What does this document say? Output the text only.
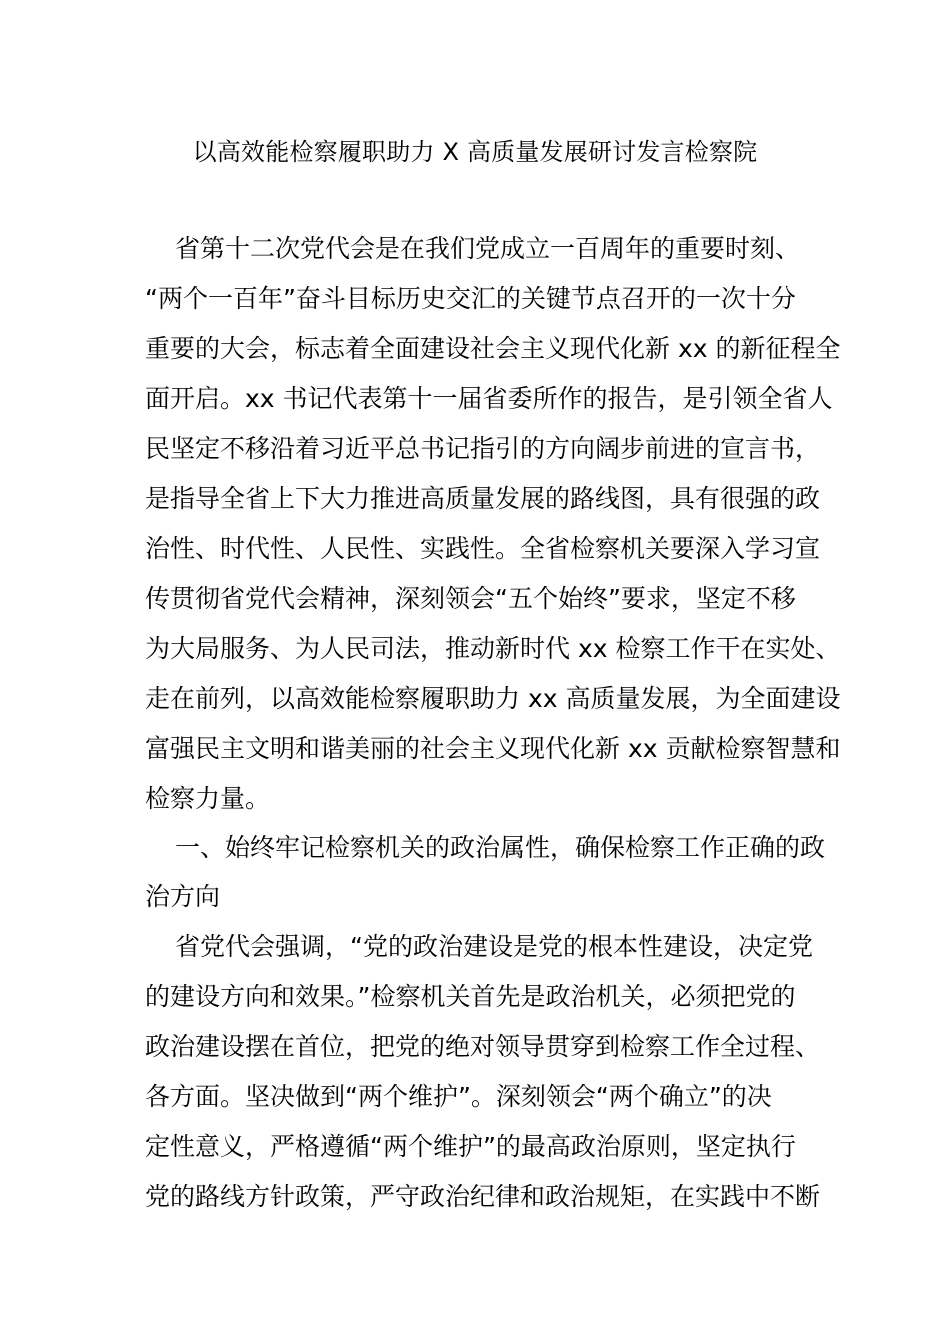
以高效能检察履职助力 X 高质量发展研讨发言检察院
省第十二次党代会是在我们党成立一百周年的重要时刻、
“两个一百年”奋斗目标历史交汇的关键节点召开的一次十分
重要的大会，标志着全面建设社会主义现代化新 xx 的新征程全
面开启。xx 书记代表第十一届省委所作的报告，是引领全省人
民坚定不移沿着习近平总书记指引的方向阔步前进的宣言书，
是指导全省上下大力推进高质量发展的路线图，具有很强的政
治性、时代性、人民性、实践性。全省检察机关要深入学习宣
传贯彻省党代会精神，深刻领会“五个始终”要求，坚定不移
为大局服务、为人民司法，推动新时代 xx 检察工作干在实处、
走在前列，以高效能检察履职助力 xx 高质量发展，为全面建设
富强民主文明和谐美丽的社会主义现代化新 xx 贡献检察智慧和
检察力量。
一、始终牢记检察机关的政治属性，确保检察工作正确的政
治方向
省党代会强调，“党的政治建设是党的根本性建设，决定党
的建设方向和效果。”检察机关首先是政治机关，必须把党的
政治建设摆在首位，把党的绝对领导贯穿到检察工作全过程、
各方面。坚决做到“两个维护”。深刻领会“两个确立”的决
定性意义，严格遵循“两个维护”的最高政治原则，坚定执行
党的路线方针政策，严守政治纪律和政治规矩，在实践中不断
